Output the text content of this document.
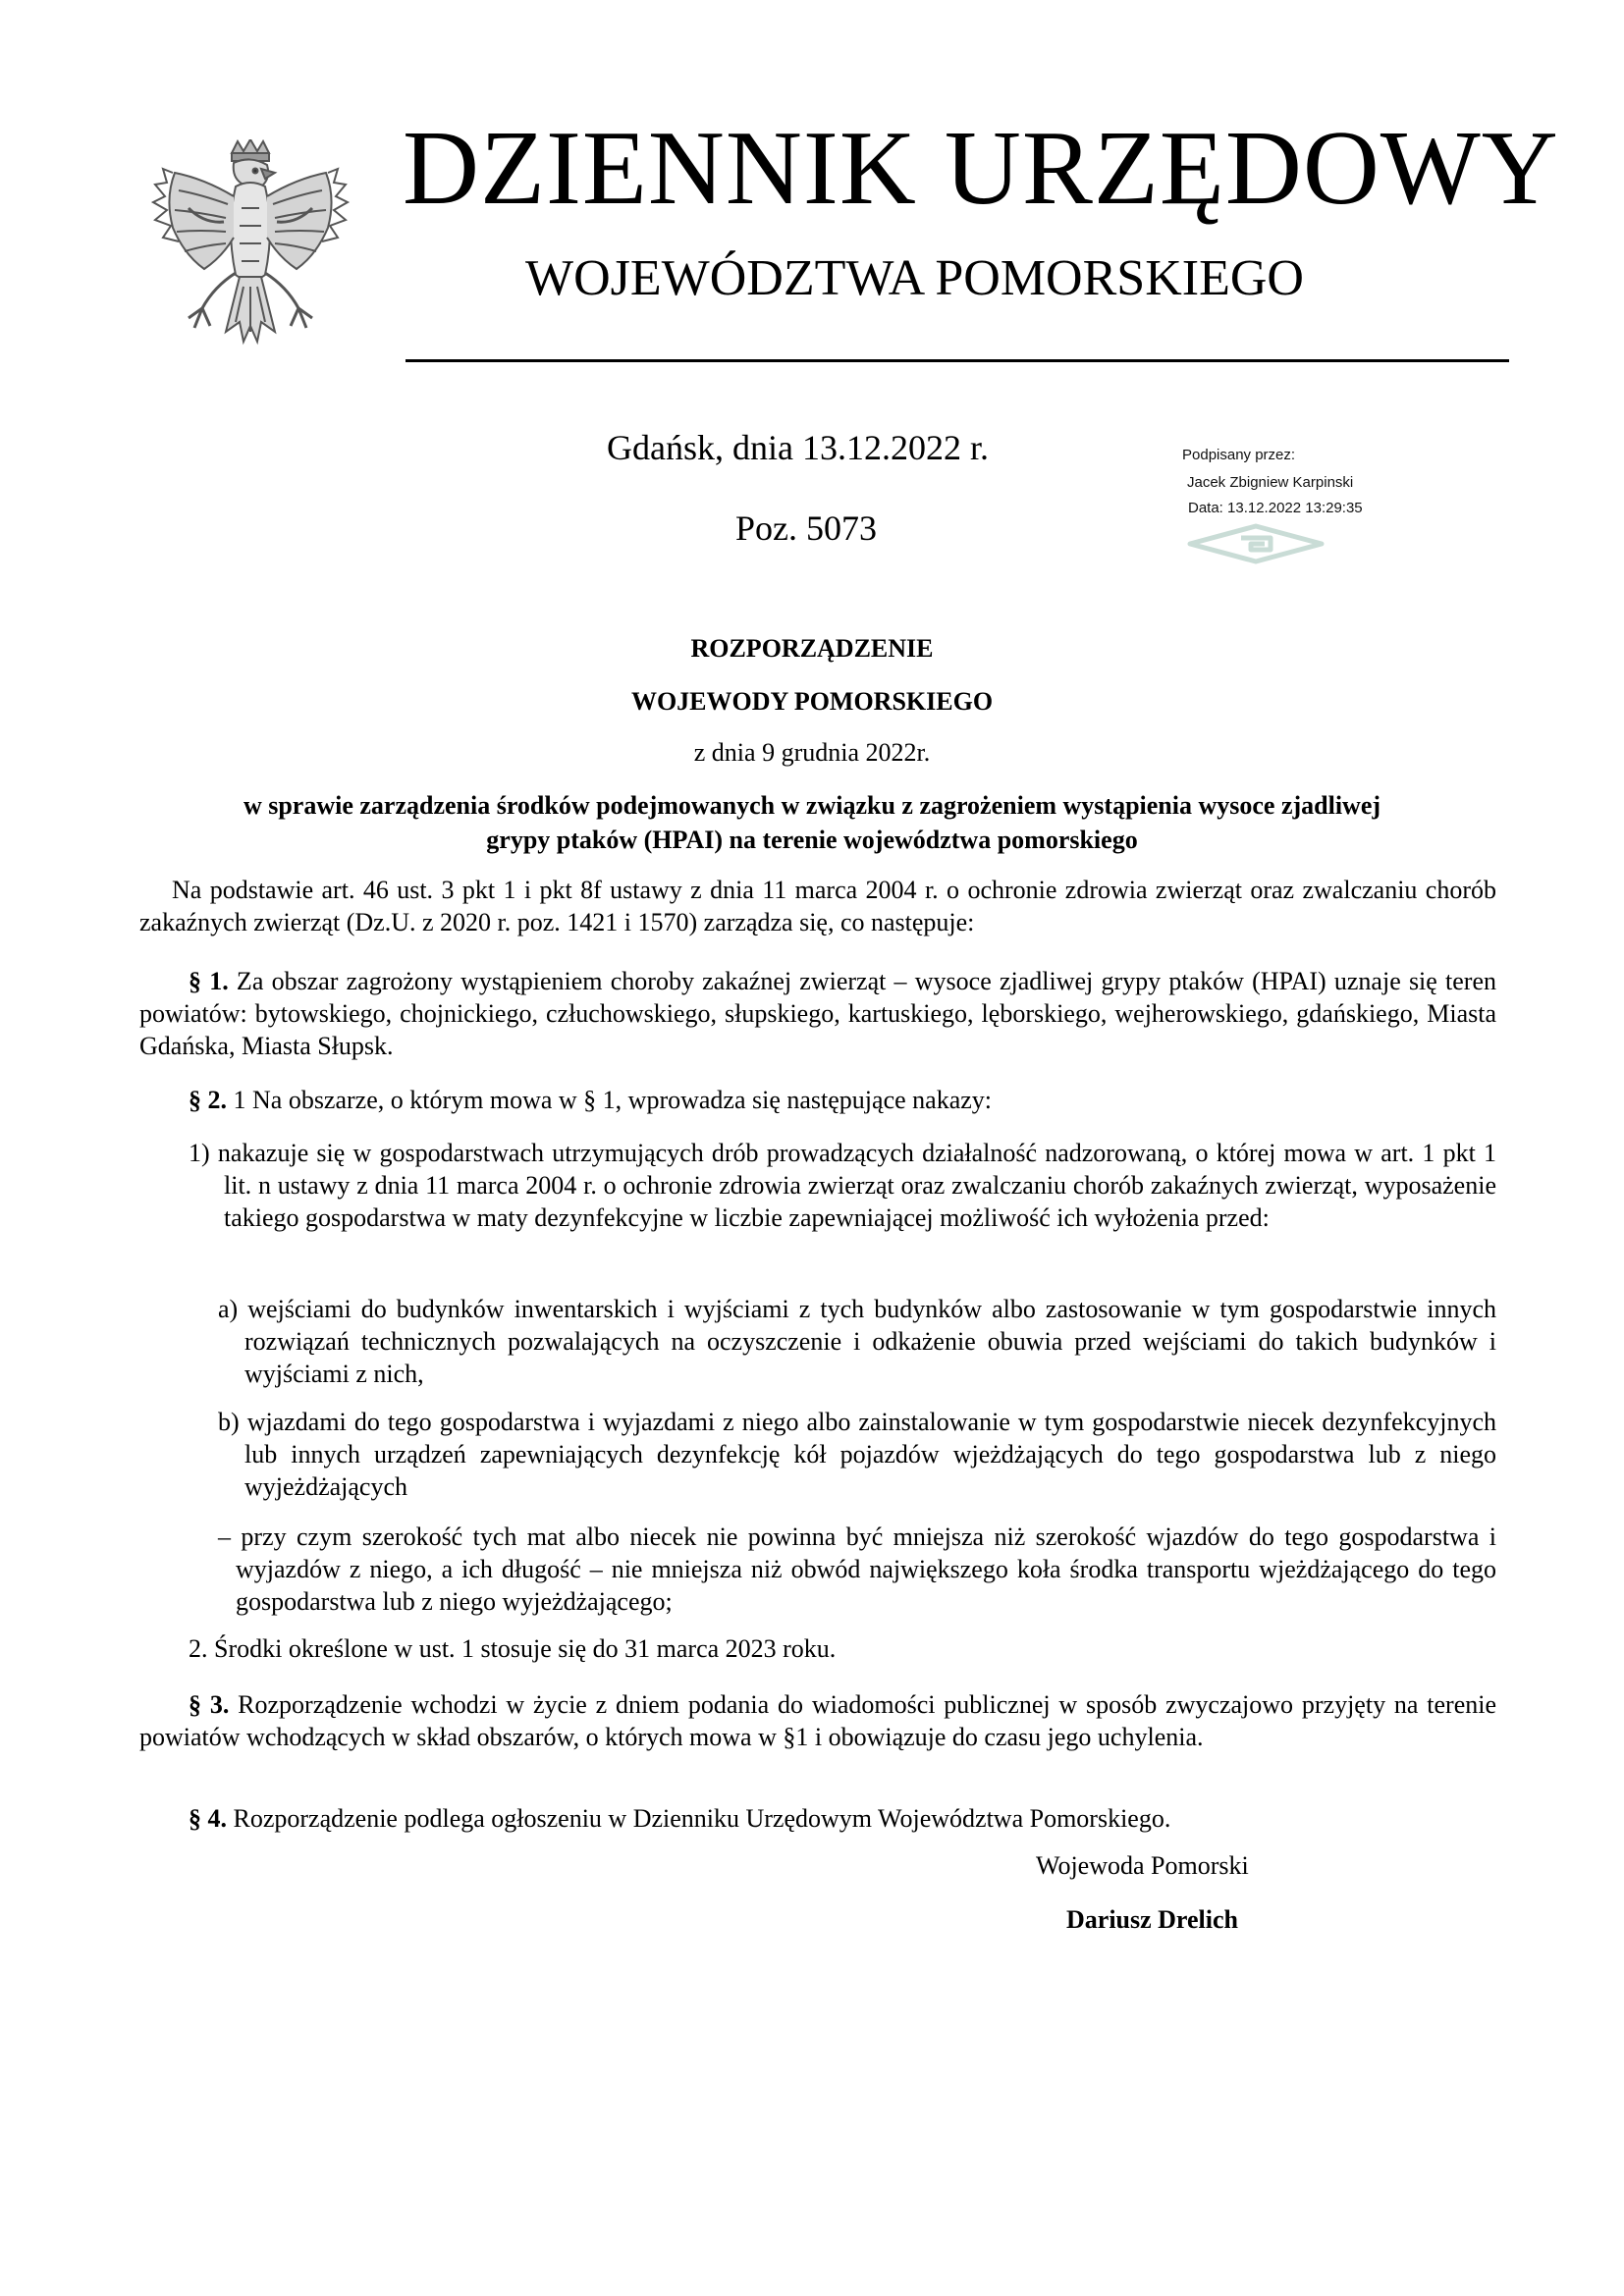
DZIENNIK URZĘDOWY
WOJEWÓDZTWA POMORSKIEGO
Gdańsk, dnia 13.12.2022 r.
Poz. 5073
Podpisany przez:
Jacek Zbigniew Karpinski
Data: 13.12.2022 13:29:35
ROZPORZĄDZENIE
WOJEWODY POMORSKIEGO
z dnia 9 grudnia 2022r.
w sprawie zarządzenia środków podejmowanych w związku z zagrożeniem wystąpienia wysoce zjadliwej grypy ptaków (HPAI) na terenie województwa pomorskiego
Na podstawie art. 46 ust. 3 pkt 1 i pkt 8f ustawy z dnia 11 marca 2004 r. o ochronie zdrowia zwierząt oraz zwalczaniu chorób zakaźnych zwierząt (Dz.U. z 2020 r. poz. 1421 i 1570) zarządza się, co następuje:
§ 1. Za obszar zagrożony wystąpieniem choroby zakaźnej zwierząt – wysoce zjadliwej grypy ptaków (HPAI) uznaje się teren powiatów: bytowskiego, chojnickiego, człuchowskiego, słupskiego, kartuskiego, lęborskiego, wejherowskiego, gdańskiego, Miasta Gdańska, Miasta Słupsk.
§ 2. 1 Na obszarze, o którym mowa w § 1, wprowadza się następujące nakazy:
1) nakazuje się w gospodarstwach utrzymujących drób prowadzących działalność nadzorowaną, o której mowa w art. 1 pkt 1 lit. n ustawy z dnia 11 marca 2004 r. o ochronie zdrowia zwierząt oraz zwalczaniu chorób zakaźnych zwierząt, wyposażenie takiego gospodarstwa w maty dezynfekcyjne w liczbie zapewniającej możliwość ich wyłożenia przed:
a) wejściami do budynków inwentarskich i wyjściami z tych budynków albo zastosowanie w tym gospodarstwie innych rozwiązań technicznych pozwalających na oczyszczenie i odkażenie obuwia przed wejściami do takich budynków i wyjściami z nich,
b) wjazdami do tego gospodarstwa i wyjazdami z niego albo zainstalowanie w tym gospodarstwie niecek dezynfekcyjnych lub innych urządzeń zapewniających dezynfekcję kół pojazdów wjeżdżających do tego gospodarstwa lub z niego wyjeżdżających
– przy czym szerokość tych mat albo niecek nie powinna być mniejsza niż szerokość wjazdów do tego gospodarstwa i wyjazdów z niego, a ich długość – nie mniejsza niż obwód największego koła środka transportu wjeżdżającego do tego gospodarstwa lub z niego wyjeżdżającego;
2. Środki określone w ust. 1 stosuje się do 31 marca 2023 roku.
§ 3. Rozporządzenie wchodzi w życie z dniem podania do wiadomości publicznej w sposób zwyczajowo przyjęty na terenie powiatów wchodzących w skład obszarów, o których mowa w §1 i obowiązuje do czasu jego uchylenia.
§ 4. Rozporządzenie podlega ogłoszeniu w Dzienniku Urzędowym Województwa Pomorskiego.
Wojewoda Pomorski
Dariusz Drelich
